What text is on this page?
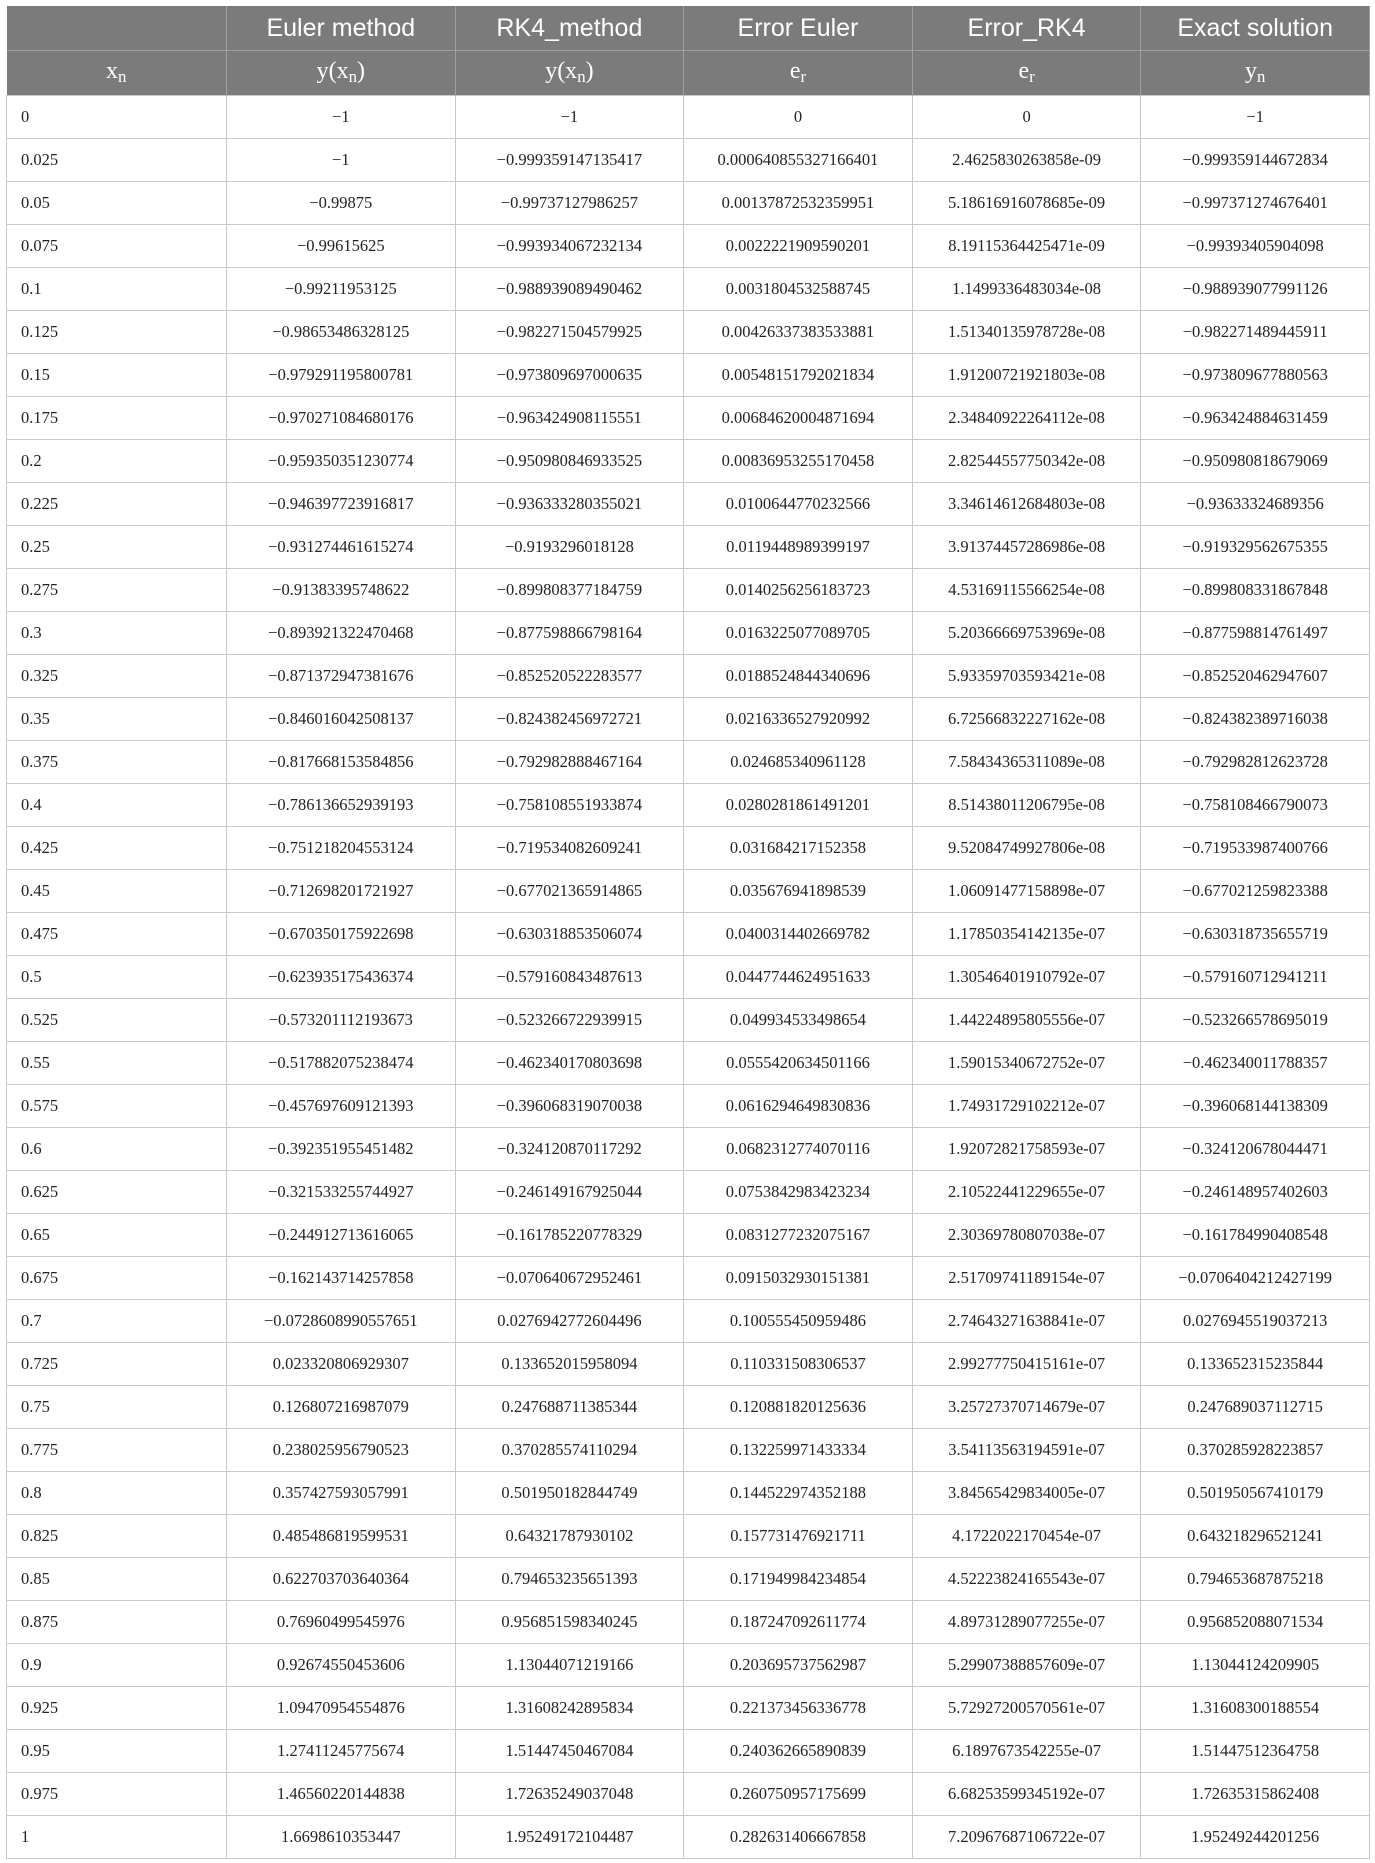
	Euler method	RK4_method	Error Euler	Error_RK4	Exact solution
$x_n$	$y(x_n)$	$y(x_n)$	$e_r$	$e_r$	$y_n$
0	−1	−1	0	0	−1
0.025	−1	−0.999359147135417	0.000640855327166401	2.4625830263858e-09	−0.999359144672834
0.05	−0.99875	−0.99737127986257	0.00137872532359951	5.18616916078685e-09	−0.997371274676401
0.075	−0.99615625	−0.993934067232134	0.0022221909590201	8.19115364425471e-09	−0.99393405904098
0.1	−0.99211953125	−0.988939089490462	0.0031804532588745	1.1499336483034e-08	−0.988939077991126
0.125	−0.98653486328125	−0.982271504579925	0.00426337383533881	1.51340135978728e-08	−0.982271489445911
0.15	−0.979291195800781	−0.973809697000635	0.00548151792021834	1.91200721921803e-08	−0.973809677880563
0.175	−0.970271084680176	−0.963424908115551	0.00684620004871694	2.34840922264112e-08	−0.963424884631459
0.2	−0.959350351230774	−0.950980846933525	0.00836953255170458	2.82544557750342e-08	−0.950980818679069
0.225	−0.946397723916817	−0.936333280355021	0.0100644770232566	3.34614612684803e-08	−0.93633324689356
0.25	−0.931274461615274	−0.9193296018128	0.0119448989399197	3.91374457286986e-08	−0.919329562675355
0.275	−0.91383395748622	−0.899808377184759	0.0140256256183723	4.53169115566254e-08	−0.899808331867848
0.3	−0.893921322470468	−0.877598866798164	0.0163225077089705	5.20366669753969e-08	−0.877598814761497
0.325	−0.871372947381676	−0.852520522283577	0.0188524844340696	5.93359703593421e-08	−0.852520462947607
0.35	−0.846016042508137	−0.824382456972721	0.0216336527920992	6.72566832227162e-08	−0.824382389716038
0.375	−0.817668153584856	−0.792982888467164	0.024685340961128	7.58434365311089e-08	−0.792982812623728
0.4	−0.786136652939193	−0.758108551933874	0.0280281861491201	8.51438011206795e-08	−0.758108466790073
0.425	−0.751218204553124	−0.719534082609241	0.031684217152358	9.52084749927806e-08	−0.719533987400766
0.45	−0.712698201721927	−0.677021365914865	0.035676941898539	1.06091477158898e-07	−0.677021259823388
0.475	−0.670350175922698	−0.630318853506074	0.0400314402669782	1.17850354142135e-07	−0.630318735655719
0.5	−0.623935175436374	−0.579160843487613	0.0447744624951633	1.30546401910792e-07	−0.579160712941211
0.525	−0.573201112193673	−0.523266722939915	0.049934533498654	1.44224895805556e-07	−0.523266578695019
0.55	−0.517882075238474	−0.462340170803698	0.0555420634501166	1.59015340672752e-07	−0.462340011788357
0.575	−0.457697609121393	−0.396068319070038	0.0616294649830836	1.74931729102212e-07	−0.396068144138309
0.6	−0.392351955451482	−0.324120870117292	0.0682312774070116	1.92072821758593e-07	−0.324120678044471
0.625	−0.321533255744927	−0.246149167925044	0.0753842983423234	2.10522441229655e-07	−0.246148957402603
0.65	−0.244912713616065	−0.161785220778329	0.0831277232075167	2.30369780807038e-07	−0.161784990408548
0.675	−0.162143714257858	−0.070640672952461	0.0915032930151381	2.51709741189154e-07	−0.0706404212427199
0.7	−0.0728608990557651	0.0276942772604496	0.100555450959486	2.74643271638841e-07	0.0276945519037213
0.725	0.023320806929307	0.133652015958094	0.110331508306537	2.99277750415161e-07	0.133652315235844
0.75	0.126807216987079	0.247688711385344	0.120881820125636	3.25727370714679e-07	0.247689037112715
0.775	0.238025956790523	0.370285574110294	0.132259971433334	3.54113563194591e-07	0.370285928223857
0.8	0.357427593057991	0.501950182844749	0.144522974352188	3.84565429834005e-07	0.501950567410179
0.825	0.485486819599531	0.64321787930102	0.157731476921711	4.1722022170454e-07	0.643218296521241
0.85	0.622703703640364	0.794653235651393	0.171949984234854	4.52223824165543e-07	0.794653687875218
0.875	0.76960499545976	0.956851598340245	0.187247092611774	4.89731289077255e-07	0.956852088071534
0.9	0.92674550453606	1.13044071219166	0.203695737562987	5.29907388857609e-07	1.13044124209905
0.925	1.09470954554876	1.31608242895834	0.221373456336778	5.72927200570561e-07	1.31608300188554
0.95	1.27411245775674	1.51447450467084	0.240362665890839	6.1897673542255e-07	1.51447512364758
0.975	1.46560220144838	1.72635249037048	0.260750957175699	6.68253599345192e-07	1.72635315862408
1	1.6698610353447	1.95249172104487	0.282631406667858	7.20967687106722e-07	1.95249244201256
